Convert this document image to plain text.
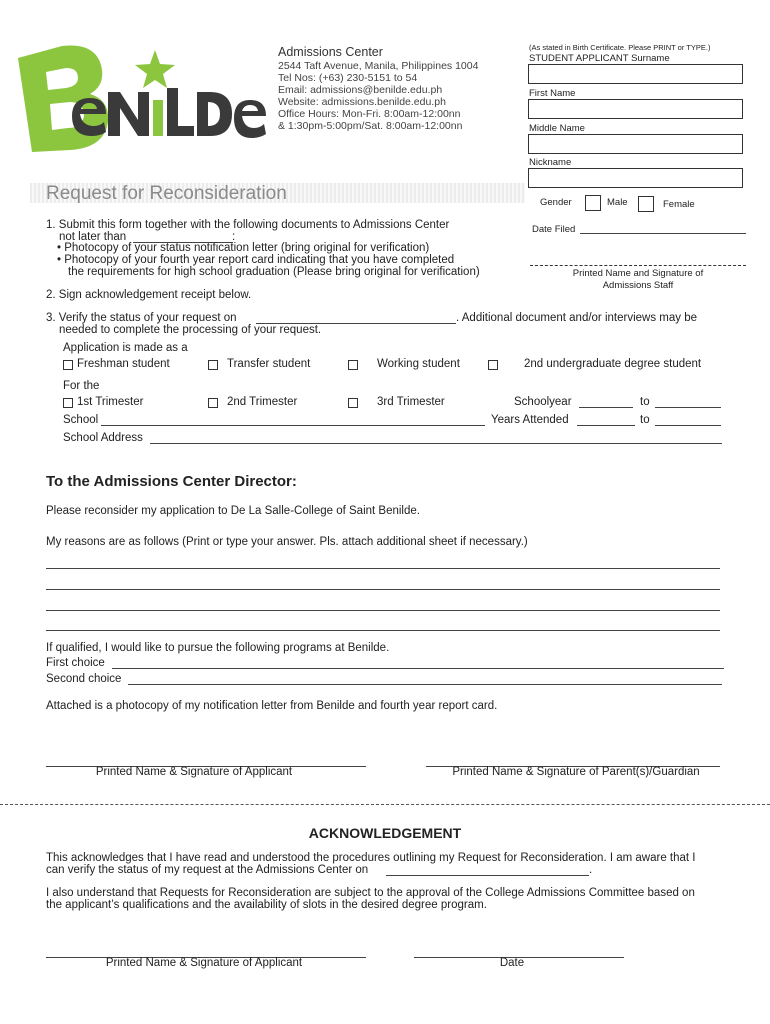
Admissions Center
2544 Taft Avenue, Manila, Philippines 1004
Tel Nos: (+63) 230-5151 to 54
Email: admissions@benilde.edu.ph
Website: admissions.benilde.edu.ph
Office Hours: Mon-Fri. 8:00am-12:00nn
& 1:30pm-5:00pm/Sat. 8:00am-12:00nn
(As stated in Birth Certificate. Please PRINT or TYPE.)
STUDENT APPLICANT Surname
First Name
Middle Name
Nickname
Gender	Male	Female
Date Filed
Printed Name and Signature of
Admissions Staff
Request for Reconsideration
1. Submit this form together with the following documents to Admissions Center
not later than	:
• Photocopy of your status notification letter (bring original for verification)
• Photocopy of your fourth year report card indicating that you have completed
the requirements for high school graduation (Please bring original for verification)
2. Sign acknowledgement receipt below.
3. Verify the status of your request on	. Additional document and/or interviews may be
needed to complete the processing of your request.
Application is made as a
Freshman student	Transfer student	Working student	2nd undergraduate degree student
For the
1st Trimester	2nd Trimester	3rd Trimester	Schoolyear	to
School	Years Attended	to
School Address
To the Admissions Center Director:
Please reconsider my application to De La Salle-College of Saint Benilde.
My reasons are as follows (Print or type your answer. Pls. attach additional sheet if necessary.)
If qualified, I would like to pursue the following programs at Benilde.
First choice
Second choice
Attached is a photocopy of my notification letter from Benilde and fourth year report card.
Printed Name & Signature of Applicant	Printed Name & Signature of Parent(s)/Guardian
ACKNOWLEDGEMENT
This acknowledges that I have read and understood the procedures outlining my Request for Reconsideration. I am aware that I
can verify the status of my request at the Admissions Center on	.
I also understand that Requests for Reconsideration are subject to the approval of the College Admissions Committee based on
the applicant’s qualifications and the availability of slots in the desired degree program.
Printed Name & Signature of Applicant	Date
